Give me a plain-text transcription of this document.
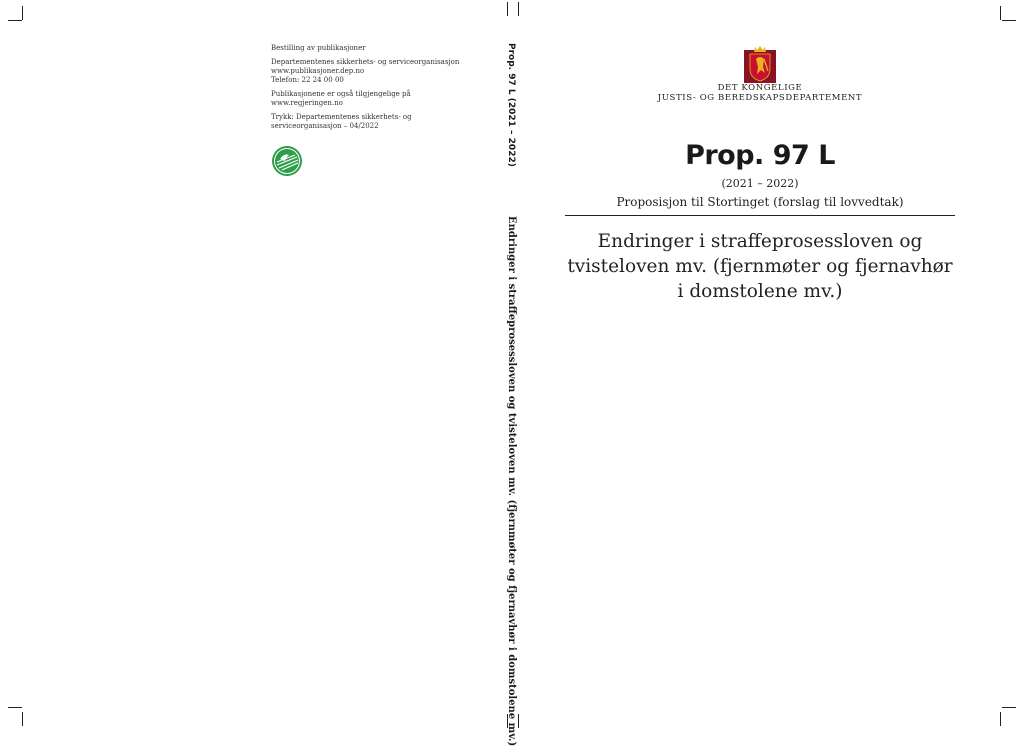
Bestilling av publikasjoner

Departementenes sikkerhets- og serviceorganisasjon
www.publikasjoner.dep.no
Telefon: 22 24 00 00

Publikasjonene er også tilgjengelige på
www.regjeringen.no

Trykk: Departementenes sikkerhets- og
serviceorganisasjon – 04/2022	Prop. 97 L (2021 – 2022)
Endringer i straffeprosessloven og tvisteloven mv. (fjernmøter og fjernavhør i domstolene mv.)
DET KONGELIGE
JUSTIS- OG BEREDSKAPSDEPARTEMENT
Prop. 97 L
(2021 – 2022)
Proposisjon til Stortinget (forslag til lovvedtak)
Endringer i straffeprosessloven og
tvisteloven mv. (fjernmøter og fjernavhør
i domstolene mv.)
